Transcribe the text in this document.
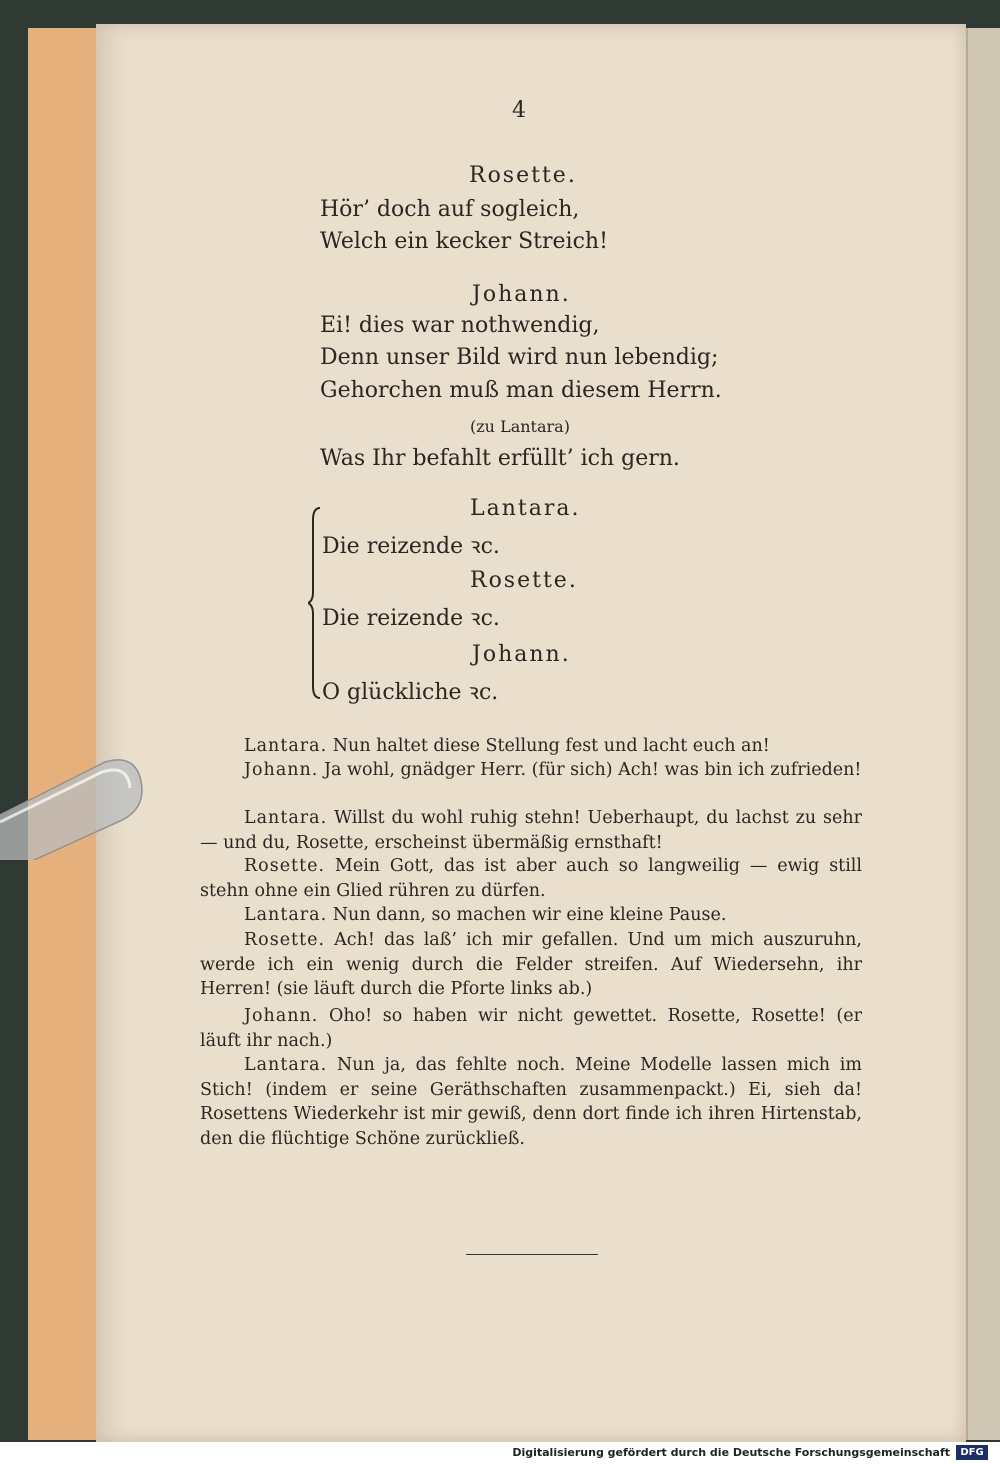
4
Rosette.
Hör’ doch auf sogleich,
Welch ein kecker Streich!
Johann.
Ei! dies war nothwendig,
Denn unser Bild wird nun lebendig;
Gehorchen muß man diesem Herrn.
(zu Lantara)
Was Ihr befahlt erfüllt’ ich gern.
Lantara.
Die reizende ꝛc.
Rosette.
Die reizende ꝛc.
Johann.
O glückliche ꝛc.
Lantara. Nun haltet diese Stellung fest und lacht euch an!
Johann. Ja wohl, gnädger Herr. (für sich) Ach! was bin ich zufrieden!
Lantara. Willst du wohl ruhig stehn! Ueberhaupt, du lachst zu sehr — und du, Rosette, erscheinst übermäßig ernsthaft!
Rosette. Mein Gott, das ist aber auch so langweilig — ewig still stehn ohne ein Glied rühren zu dürfen.
Lantara. Nun dann, so machen wir eine kleine Pause.
Rosette. Ach! das laß’ ich mir gefallen. Und um mich auszuruhn, werde ich ein wenig durch die Felder streifen. Auf Wiedersehn, ihr Herren! (sie läuft durch die Pforte links ab.)
Johann. Oho! so haben wir nicht gewettet. Rosette, Rosette! (er läuft ihr nach.)
Lantara. Nun ja, das fehlte noch. Meine Modelle lassen mich im Stich! (indem er seine Geräthschaften zusammenpackt.) Ei, sieh da! Rosettens Wiederkehr ist mir gewiß, denn dort finde ich ihren Hirtenstab, den die flüchtige Schöne zurückließ.
Digitalisierung gefördert durch die Deutsche Forschungsgemeinschaft	DFG
